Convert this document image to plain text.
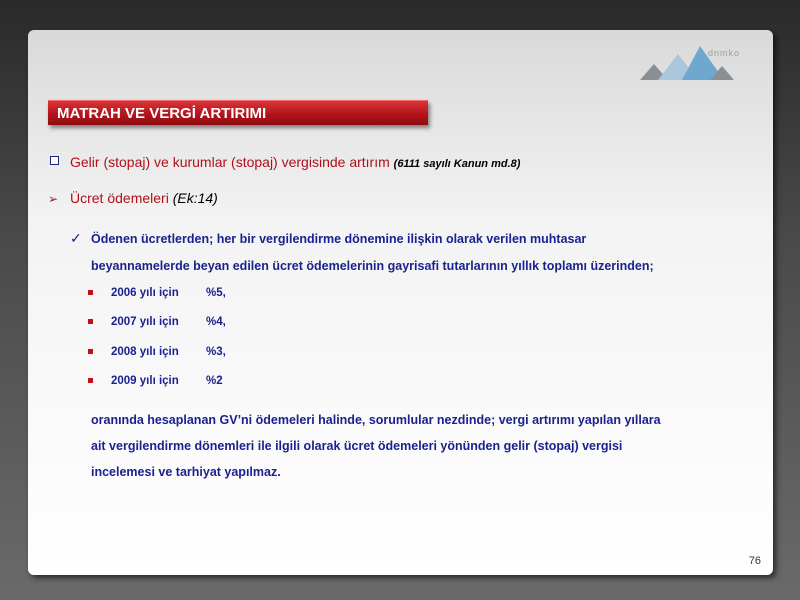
dnmko
MATRAH VE VERGİ ARTIRIMI
Gelir (stopaj) ve kurumlar (stopaj) vergisinde artırım (6111 sayılı Kanun md.8)
➢ Ücret ödemeleri (Ek:14)
✓ Ödenen ücretlerden; her bir vergilendirme dönemine ilişkin olarak verilen muhtasar
beyannamelerde beyan edilen ücret ödemelerinin gayrisafi tutarlarının yıllık toplamı üzerinden;
2006 yılı için %5,
2007 yılı için %4,
2008 yılı için %3,
2009 yılı için %2
oranında hesaplanan GV’ni ödemeleri halinde, sorumlular nezdinde; vergi artırımı yapılan yıllara
ait vergilendirme dönemleri ile ilgili olarak ücret ödemeleri yönünden gelir (stopaj) vergisi
incelemesi ve tarhiyat yapılmaz.
76
